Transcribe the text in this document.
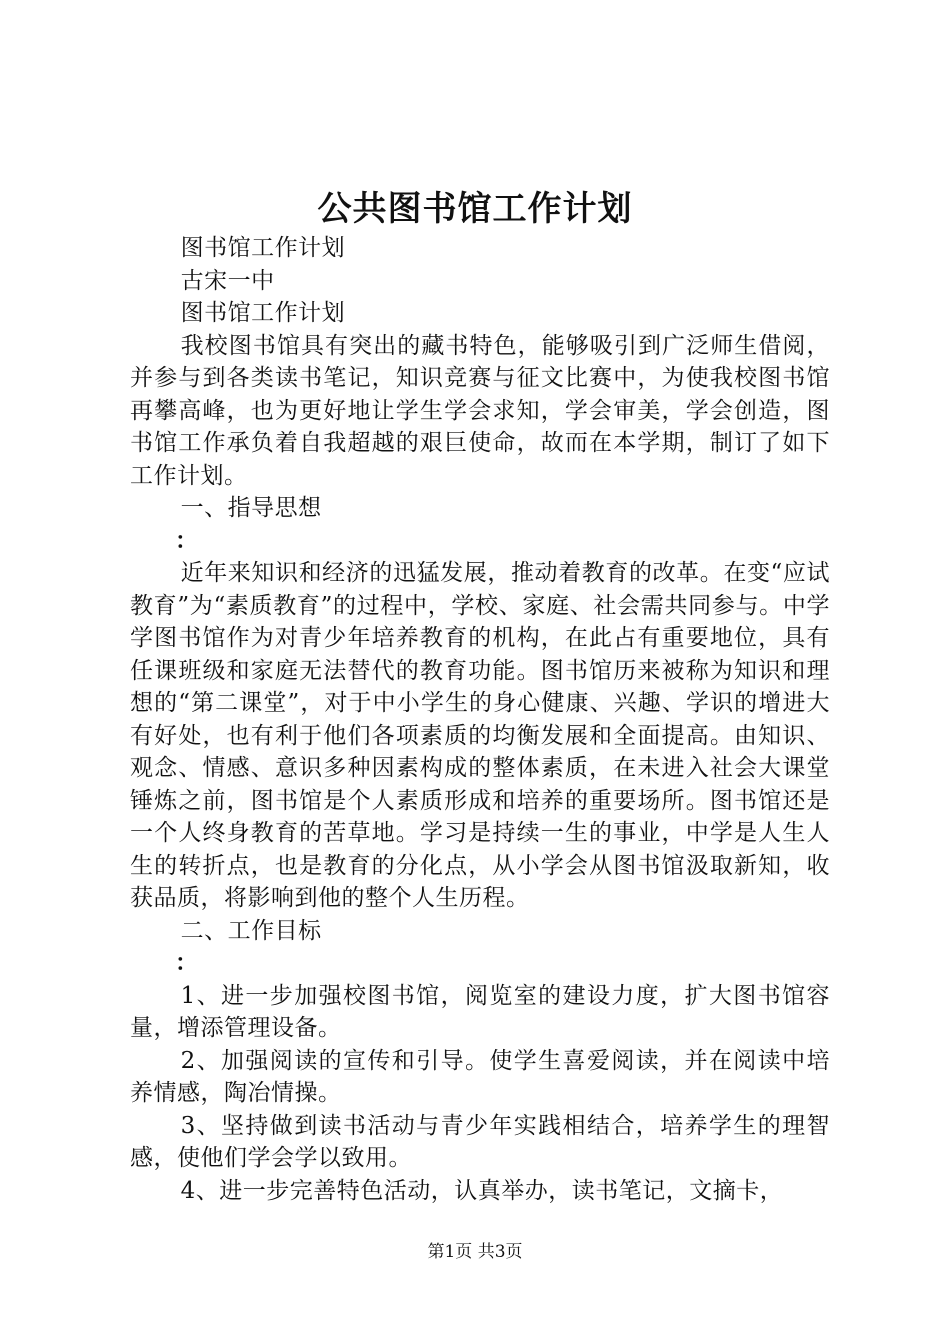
公共图书馆工作计划

图书馆工作计划

古宋一中

图书馆工作计划

我校图书馆具有突出的藏书特色，能够吸引到广泛师生借阅，并参与到各类读书笔记，知识竞赛与征文比赛中，为使我校图书馆再攀高峰，也为更好地让学生学会求知，学会审美，学会创造，图书馆工作承负着自我超越的艰巨使命，故而在本学期，制订了如下工作计划。

一、指导思想

：

近年来知识和经济的迅猛发展，推动着教育的改革。在变“应试教育”为“素质教育”的过程中，学校、家庭、社会需共同参与。中学学图书馆作为对青少年培养教育的机构，在此占有重要地位，具有任课班级和家庭无法替代的教育功能。图书馆历来被称为知识和理想的“第二课堂”，对于中小学生的身心健康、兴趣、学识的增进大有好处，也有利于他们各项素质的均衡发展和全面提高。由知识、观念、情感、意识多种因素构成的整体素质，在未进入社会大课堂锤炼之前，图书馆是个人素质形成和培养的重要场所。图书馆还是一个人终身教育的苦草地。学习是持续一生的事业，中学是人生人生的转折点，也是教育的分化点，从小学会从图书馆汲取新知，收获品质，将影响到他的整个人生历程。

二、工作目标

：

1、进一步加强校图书馆，阅览室的建设力度，扩大图书馆容量，增添管理设备。

2、加强阅读的宣传和引导。使学生喜爱阅读，并在阅读中培养情感，陶冶情操。

3、坚持做到读书活动与青少年实践相结合，培养学生的理智感，使他们学会学以致用。

4、进一步完善特色活动，认真举办，读书笔记，文摘卡，

第1页 共3页
